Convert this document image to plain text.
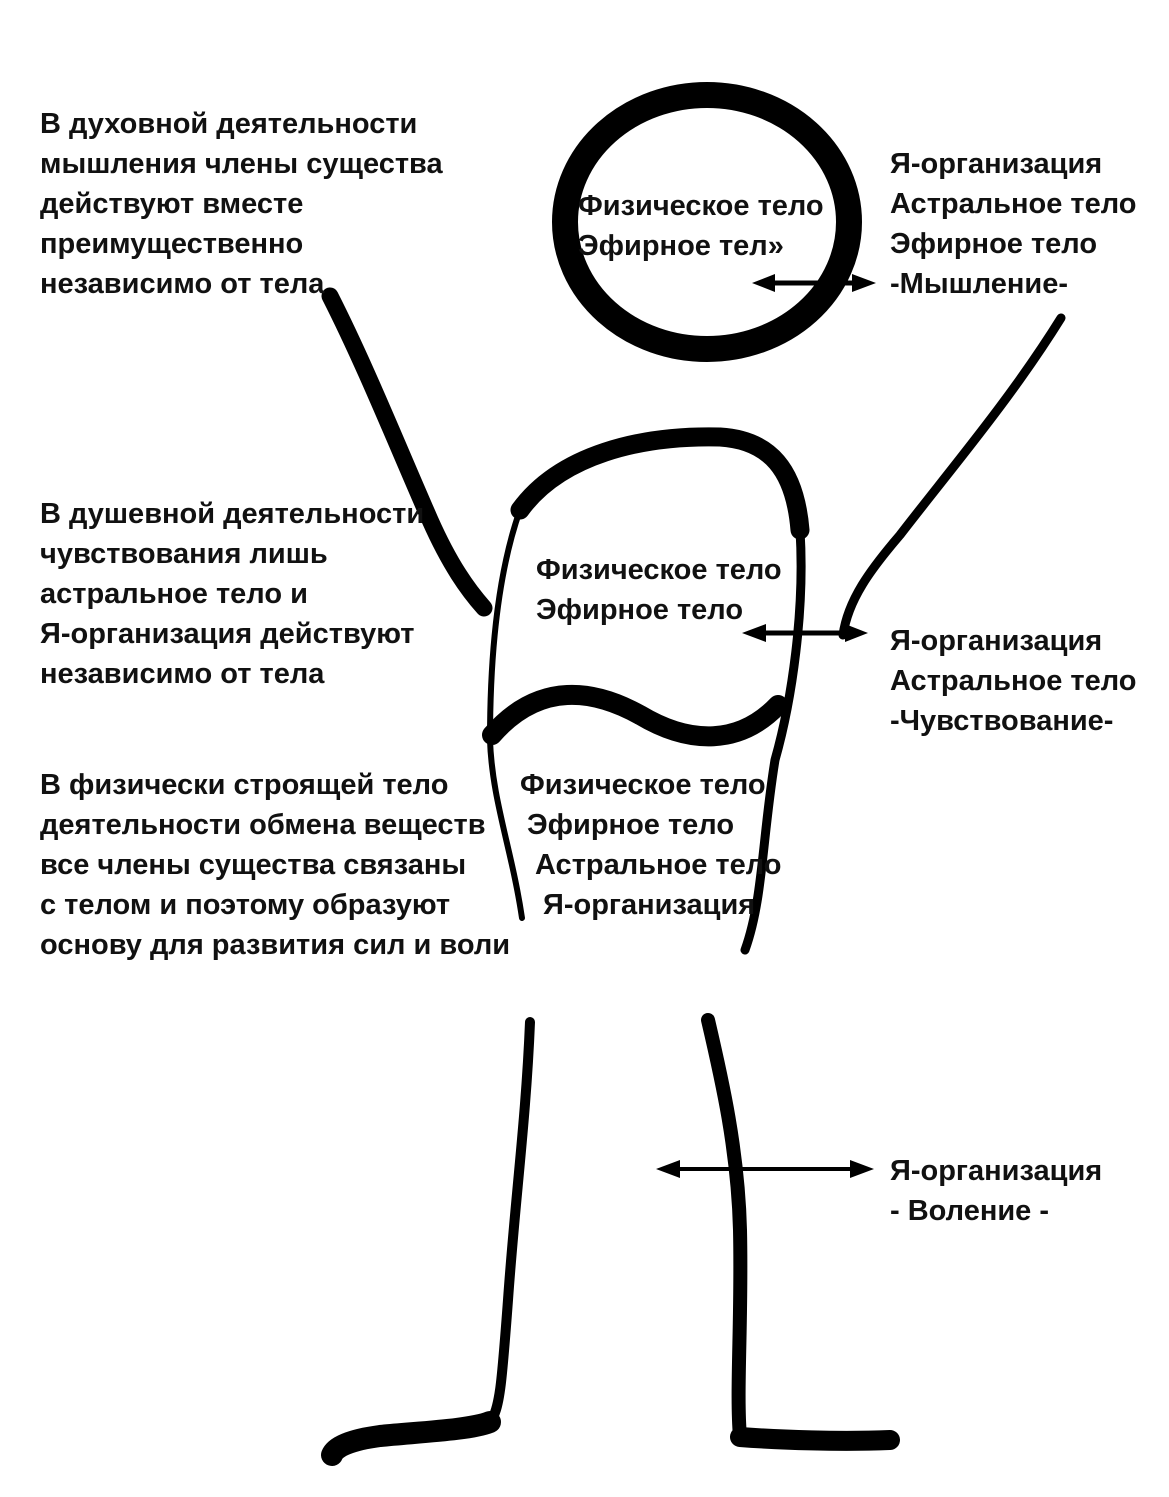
В духовной деятельности
мышления члены существа
действуют вместе
преимущественно
независимо от тела
В душевной деятельности
чувствования лишь
астральное тело и
Я-организация действуют
независимо от тела
В физически строящей тело
деятельности обмена веществ
все члены существа связаны
с телом и поэтому образуют
основу для развития сил и воли
Физическое тело
Эфирное тел»
Физическое тело
Эфирное тело
Физическое тело
Эфирное тело
Астральное тело
Я-организация
Я-организация
Астральное тело
Эфирное тело
-Мышление-
Я-организация
Астральное тело
-Чувствование-
Я-организация
- Воление -
